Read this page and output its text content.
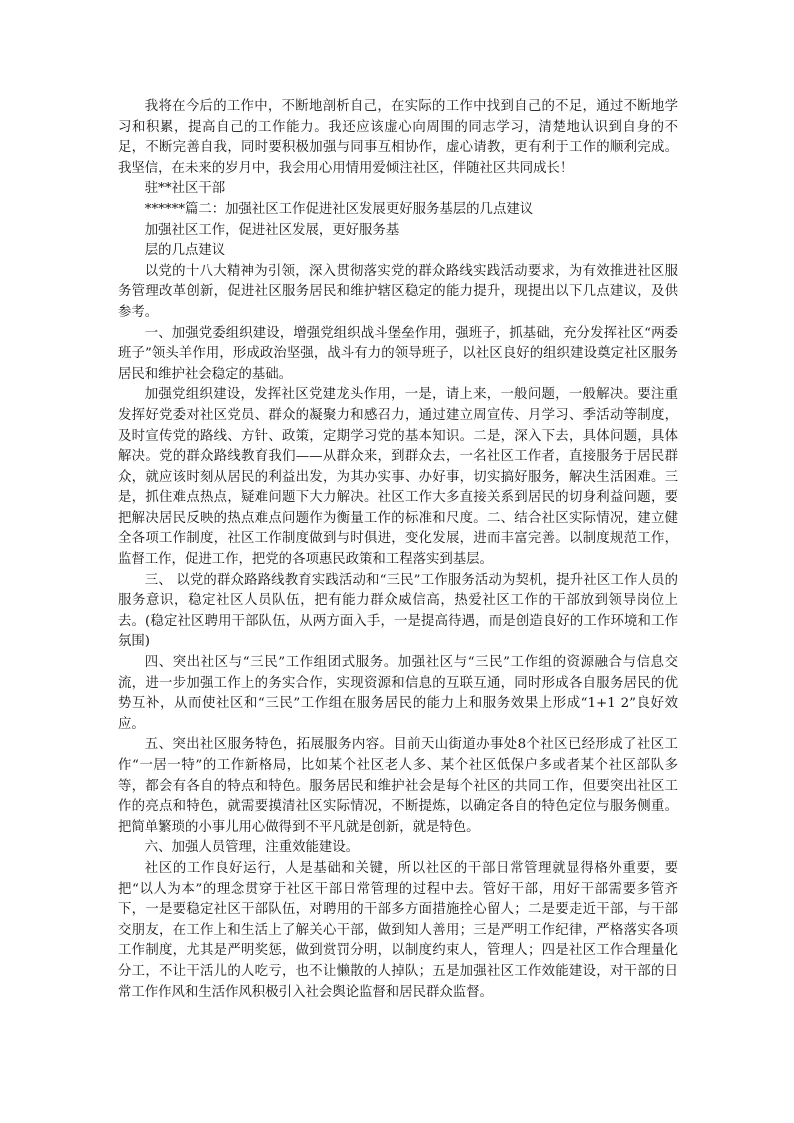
我将在今后的工作中，不断地剖析自己，在实际的工作中找到自己的不足，通过不断地学习和积累，提高自己的工作能力。我还应该虚心向周围的同志学习，清楚地认识到自身的不足，不断完善自我，同时要积极加强与同事互相协作，虚心请教，更有利于工作的顺利完成。我坚信，在未来的岁月中，我会用心用情用爱倾注社区，伴随社区共同成长！

驻**社区干部

******篇二：加强社区工作促进社区发展更好服务基层的几点建议

加强社区工作，促进社区发展，更好服务基

层的几点建议

以党的十八大精神为引领，深入贯彻落实党的群众路线实践活动要求，为有效推进社区服务管理改革创新，促进社区服务居民和维护辖区稳定的能力提升，现提出以下几点建议，及供参考。

一、加强党委组织建设，增强党组织战斗堡垒作用，强班子，抓基础，充分发挥社区“两委班子”领头羊作用，形成政治坚强，战斗有力的领导班子，以社区良好的组织建设奠定社区服务居民和维护社会稳定的基础。

加强党组织建设，发挥社区党建龙头作用，一是，请上来，一般问题，一般解决。要注重发挥好党委对社区党员、群众的凝聚力和感召力，通过建立周宣传、月学习、季活动等制度，及时宣传党的路线、方针、政策，定期学习党的基本知识。二是，深入下去，具体问题，具体解决。党的群众路线教育我们——从群众来，到群众去，一名社区工作者，直接服务于居民群众，就应该时刻从居民的利益出发，为其办实事、办好事，切实搞好服务，解决生活困难。三是，抓住难点热点，疑难问题下大力解决。社区工作大多直接关系到居民的切身利益问题，要把解决居民反映的热点难点问题作为衡量工作的标准和尺度。二、结合社区实际情况，建立健全各项工作制度，社区工作制度做到与时俱进，变化发展，进而丰富完善。以制度规范工作，监督工作，促进工作，把党的各项惠民政策和工程落实到基层。

三、 以党的群众路路线教育实践活动和“三民”工作服务活动为契机，提升社区工作人员的服务意识，稳定社区人员队伍，把有能力群众威信高，热爱社区工作的干部放到领导岗位上去。(稳定社区聘用干部队伍，从两方面入手，一是提高待遇，而是创造良好的工作环境和工作氛围)

四、突出社区与“三民”工作组团式服务。加强社区与“三民”工作组的资源融合与信息交流，进一步加强工作上的务实合作，实现资源和信息的互联互通，同时形成各自服务居民的优势互补，从而使社区和“三民”工作组在服务居民的能力上和服务效果上形成“1+1 2”良好效应。

五、突出社区服务特色，拓展服务内容。目前天山街道办事处8个社区已经形成了社区工作“一居一特”的工作新格局，比如某个社区老人多、某个社区低保户多或者某个社区部队多等，都会有各自的特点和特色。服务居民和维护社会是每个社区的共同工作，但要突出社区工作的亮点和特色，就需要摸清社区实际情况，不断提炼，以确定各自的特色定位与服务侧重。把简单繁琐的小事儿用心做得到不平凡就是创新，就是特色。

六、加强人员管理，注重效能建设。

社区的工作良好运行，人是基础和关键，所以社区的干部日常管理就显得格外重要，要把“以人为本”的理念贯穿于社区干部日常管理的过程中去。管好干部，用好干部需要多管齐下，一是要稳定社区干部队伍，对聘用的干部多方面措施拴心留人；二是要走近干部，与干部交朋友，在工作上和生活上了解关心干部，做到知人善用；三是严明工作纪律，严格落实各项工作制度，尤其是严明奖惩，做到赏罚分明，以制度约束人，管理人；四是社区工作合理量化分工，不让干活儿的人吃亏，也不让懒散的人掉队；五是加强社区工作效能建设，对干部的日常工作作风和生活作风积极引入社会舆论监督和居民群众监督。
